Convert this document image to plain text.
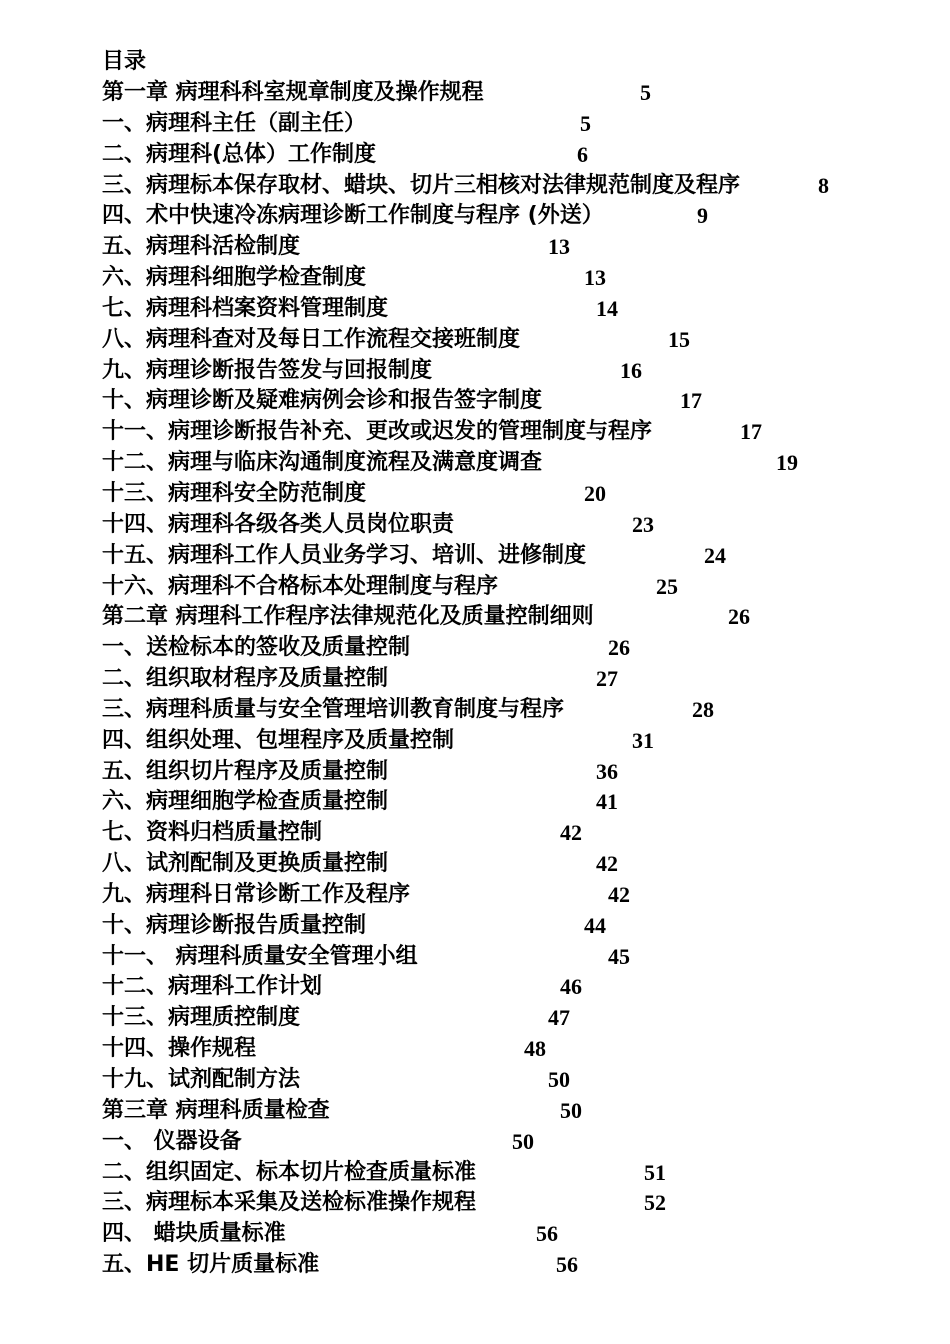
目录
第一章 病理科科室规章制度及操作规程	5
一、病理科主任（副主任）	5
二、病理科(总体）工作制度	6
三、病理标本保存取材、蜡块、切片三相核对法律规范制度及程序	8
四、术中快速冷冻病理诊断工作制度与程序 (外送）	9
五、病理科活检制度	13
六、病理科细胞学检查制度	13
七、病理科档案资料管理制度	14
八、病理科查对及每日工作流程交接班制度	15
九、病理诊断报告签发与回报制度	16
十、病理诊断及疑难病例会诊和报告签字制度	17
十一、病理诊断报告补充、更改或迟发的管理制度与程序	17
十二、病理与临床沟通制度流程及满意度调查	19
十三、病理科安全防范制度	20
十四、病理科各级各类人员岗位职责	23
十五、病理科工作人员业务学习、培训、进修制度	24
十六、病理科不合格标本处理制度与程序	25
第二章 病理科工作程序法律规范化及质量控制细则	26
一、送检标本的签收及质量控制	26
二、组织取材程序及质量控制	27
三、病理科质量与安全管理培训教育制度与程序	28
四、组织处理、包埋程序及质量控制	31
五、组织切片程序及质量控制	36
六、病理细胞学检查质量控制	41
七、资料归档质量控制	42
八、试剂配制及更换质量控制	42
九、病理科日常诊断工作及程序	42
十、病理诊断报告质量控制	44
十一、 病理科质量安全管理小组	45
十二、病理科工作计划	46
十三、病理质控制度	47
十四、操作规程	48
十九、试剂配制方法	50
第三章 病理科质量检查	50
一、 仪器设备	50
二、组织固定、标本切片检查质量标准	51
三、病理标本采集及送检标准操作规程	52
四、 蜡块质量标准	56
五、HE 切片质量标准	56
